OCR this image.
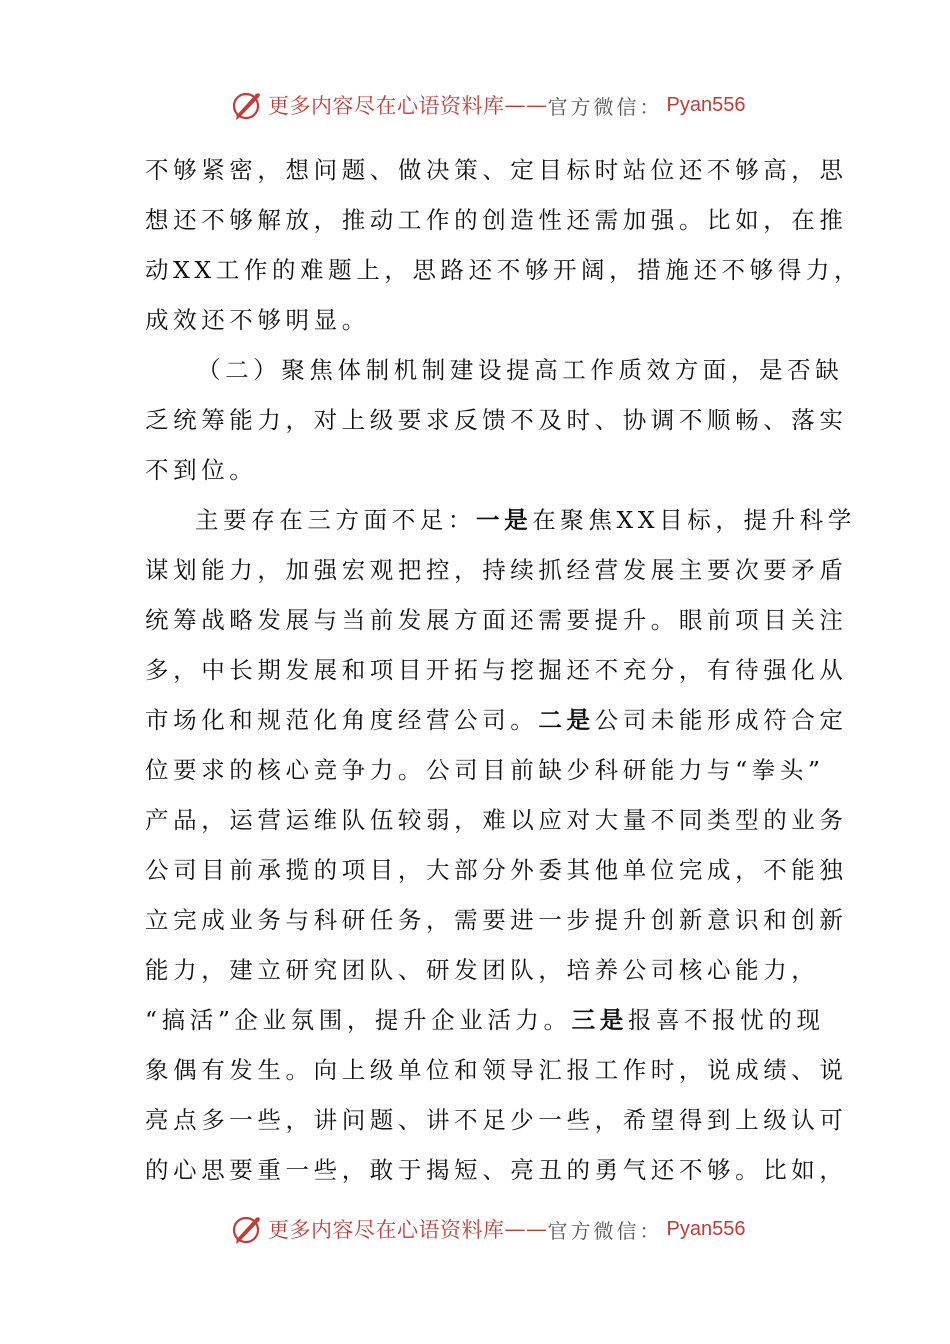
更多内容尽在心语资料库 —— 官方微信： Pyan556
不够紧密，想问题、做决策、定目标时站位还不够高，思
想还不够解放，推动工作的创造性还需加强。比如，在推
动XX工作的难题上，思路还不够开阔，措施还不够得力，
成效还不够明显。
（二）聚焦体制机制建设提高工作质效方面，是否缺
乏统筹能力，对上级要求反馈不及时、协调不顺畅、落实
不到位。
主要存在三方面不足：一是在聚焦XX目标，提升科学
谋划能力，加强宏观把控，持续抓经营发展主要次要矛盾
统筹战略发展与当前发展方面还需要提升。眼前项目关注
多，中长期发展和项目开拓与挖掘还不充分，有待强化从
市场化和规范化角度经营公司。二是公司未能形成符合定
位要求的核心竞争力。公司目前缺少科研能力与“拳头”
产品，运营运维队伍较弱，难以应对大量不同类型的业务
公司目前承揽的项目，大部分外委其他单位完成，不能独
立完成业务与科研任务，需要进一步提升创新意识和创新
能力，建立研究团队、研发团队，培养公司核心能力，
“搞活”企业氛围，提升企业活力。三是报喜不报忧的现
象偶有发生。向上级单位和领导汇报工作时，说成绩、说
亮点多一些，讲问题、讲不足少一些，希望得到上级认可
的心思要重一些，敢于揭短、亮丑的勇气还不够。比如，
更多内容尽在心语资料库 —— 官方微信： Pyan556
